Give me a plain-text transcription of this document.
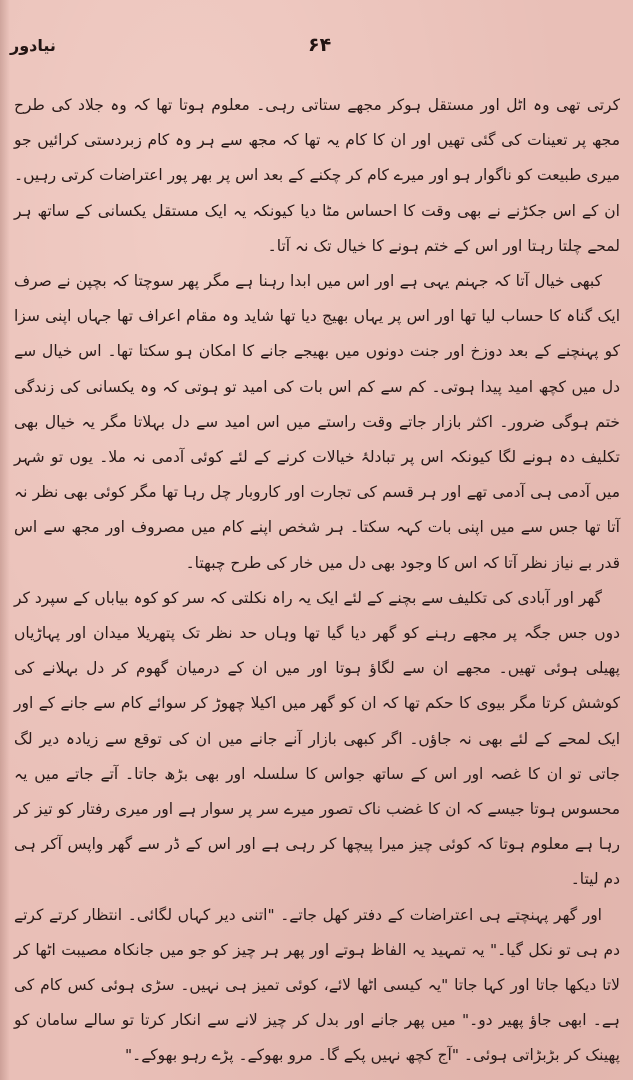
نیادور	۶۴

کرتی تھی وہ اٹل اور مستقل ہوکر مجھے ستاتی رہی۔ معلوم ہوتا تھا کہ وہ جلاد کی طرح مجھ پر تعینات کی گئی تھیں اور ان کا کام یہ تھا کہ مجھ سے ہر وہ کام زبردستی کرائیں جو میری طبیعت کو ناگوار ہو اور میرے کام کر چکنے کے بعد اس پر بھر پور اعتراضات کرتی رہیں۔ ان کے اس جکڑنے نے بھی وقت کا احساس مٹا دیا کیونکہ یہ ایک مستقل یکسانی کے ساتھ ہر لمحے چلتا رہتا اور اس کے ختم ہونے کا خیال تک نہ آتا۔

کبھی خیال آتا کہ جہنم یہی ہے اور اس میں ابدا رہنا ہے مگر پھر سوچتا کہ بچپن نے صرف ایک گناہ کا حساب لیا تھا اور اس پر یہاں بھیج دیا تھا شاید وہ مقام اعراف تھا جہاں اپنی سزا کو پہنچنے کے بعد دوزخ اور جنت دونوں میں بھیجے جانے کا امکان ہو سکتا تھا۔ اس خیال سے دل میں کچھ امید پیدا ہوتی۔ کم سے کم اس بات کی امید تو ہوتی کہ وہ یکسانی کی زندگی ختم ہوگی ضرور۔ اکثر بازار جاتے وقت راستے میں اس امید سے دل بہلاتا مگر یہ خیال بھی تکلیف دہ ہونے لگا کیونکہ اس پر تبادلۂ خیالات کرنے کے لئے کوئی آدمی نہ ملا۔ یوں تو شہر میں آدمی ہی آدمی تھے اور ہر قسم کی تجارت اور کاروبار چل رہا تھا مگر کوئی بھی نظر نہ آتا تھا جس سے میں اپنی بات کہہ سکتا۔ ہر شخص اپنے کام میں مصروف اور مجھ سے اس قدر بے نیاز نظر آتا کہ اس کا وجود بھی دل میں خار کی طرح چبھتا۔

گھر اور آبادی کی تکلیف سے بچنے کے لئے ایک یہ راہ نکلتی کہ سر کو کوہ بیاباں کے سپرد کر دوں جس جگہ پر مجھے رہنے کو گھر دیا گیا تھا وہاں حد نظر تک پتھریلا میدان اور پہاڑیاں پھیلی ہوئی تھیں۔ مجھے ان سے لگاؤ ہوتا اور میں ان کے درمیان گھوم کر دل بہلانے کی کوشش کرتا مگر بیوی کا حکم تھا کہ ان کو گھر میں اکیلا چھوڑ کر سوائے کام سے جانے کے اور ایک لمحے کے لئے بھی نہ جاؤں۔ اگر کبھی بازار آنے جانے میں ان کی توقع سے زیادہ دیر لگ جاتی تو ان کا غصہ اور اس کے ساتھ جواس کا سلسلہ اور بھی بڑھ جاتا۔ آتے جاتے میں یہ محسوس ہوتا جیسے کہ ان کا غضب ناک تصور میرے سر پر سوار ہے اور میری رفتار کو تیز کر رہا ہے معلوم ہوتا کہ کوئی چیز میرا پیچھا کر رہی ہے اور اس کے ڈر سے گھر واپس آکر ہی دم لیتا۔

اور گھر پہنچتے ہی اعتراضات کے دفتر کھل جاتے۔ "اتنی دیر کہاں لگائی۔ انتظار کرتے کرتے دم ہی تو نکل گیا۔" یہ تمہید یہ الفاظ ہوتے اور پھر ہر چیز کو جو میں جانکاہ مصیبت اٹھا کر لاتا دیکھا جاتا اور کہا جاتا "یہ کیسی اٹھا لائے، کوئی تمیز ہی نہیں۔ سڑی ہوئی کس کام کی ہے۔ ابھی جاؤ پھیر دو۔" میں پھر جانے اور بدل کر چیز لانے سے انکار کرتا تو سالے سامان کو پھینک کر بڑبڑاتی ہوئی۔ "آج کچھ نہیں پکے گا۔ مرو بھوکے۔ پڑے رہو بھوکے۔"
